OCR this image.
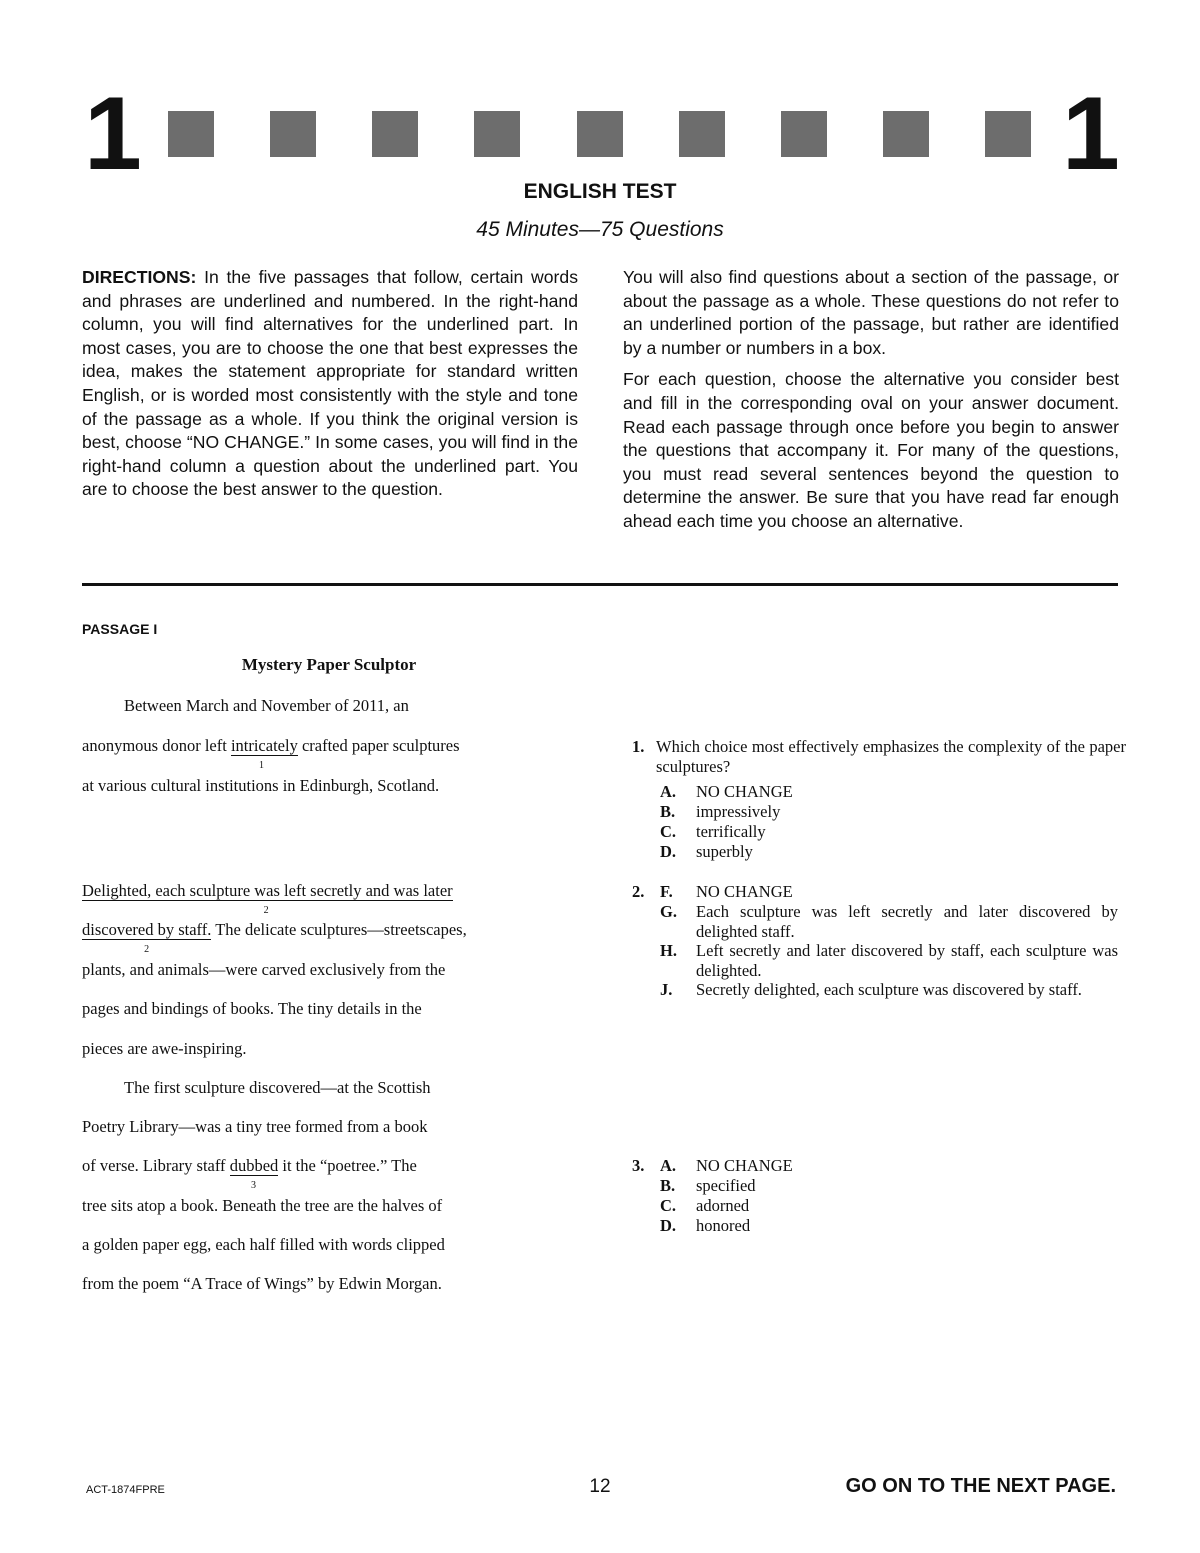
1	1
ENGLISH TEST
45 Minutes—75 Questions

DIRECTIONS: In the five passages that follow, certain words and phrases are underlined and numbered. In the right-hand column, you will find alternatives for the underlined part. In most cases, you are to choose the one that best expresses the idea, makes the statement appropriate for standard written English, or is worded most consistently with the style and tone of the passage as a whole. If you think the original version is best, choose “NO CHANGE.” In some cases, you will find in the right-hand column a question about the underlined part. You are to choose the best answer to the question.

You will also find questions about a section of the passage, or about the passage as a whole. These questions do not refer to an underlined portion of the passage, but rather are identified by a number or numbers in a box.

For each question, choose the alternative you consider best and fill in the corresponding oval on your answer document. Read each passage through once before you begin to answer the questions that accompany it. For many of the questions, you must read several sentences beyond the question to determine the answer. Be sure that you have read far enough ahead each time you choose an alternative.

PASSAGE I
Mystery Paper Sculptor
Between March and November of 2011, an
anonymous donor left intricately
1
crafted paper sculptures
at various cultural institutions in Edinburgh, Scotland.
Delighted, each sculpture was left secretly and was later
2
discovered by staff.
2
The delicate sculptures—streetscapes,
plants, and animals—were carved exclusively from the
pages and bindings of books. The tiny details in the
pieces are awe-inspiring.
The first sculpture discovered—at the Scottish
Poetry Library—was a tiny tree formed from a book
of verse. Library staff dubbed
3
it the “poetree.” The
tree sits atop a book. Beneath the tree are the halves of
a golden paper egg, each half filled with words clipped
from the poem “A Trace of Wings” by Edwin Morgan.
1. Which choice most effectively emphasizes the complexity of the paper sculptures?
A. NO CHANGE
B. impressively
C. terrifically
D. superbly
2. F. NO CHANGE
G. Each sculpture was left secretly and later discovered by delighted staff.
H. Left secretly and later discovered by staff, each sculpture was delighted.
J. Secretly delighted, each sculpture was discovered by staff.
3. A. NO CHANGE
B. specified
C. adorned
D. honored
ACT-1874FPRE	12	GO ON TO THE NEXT PAGE.
